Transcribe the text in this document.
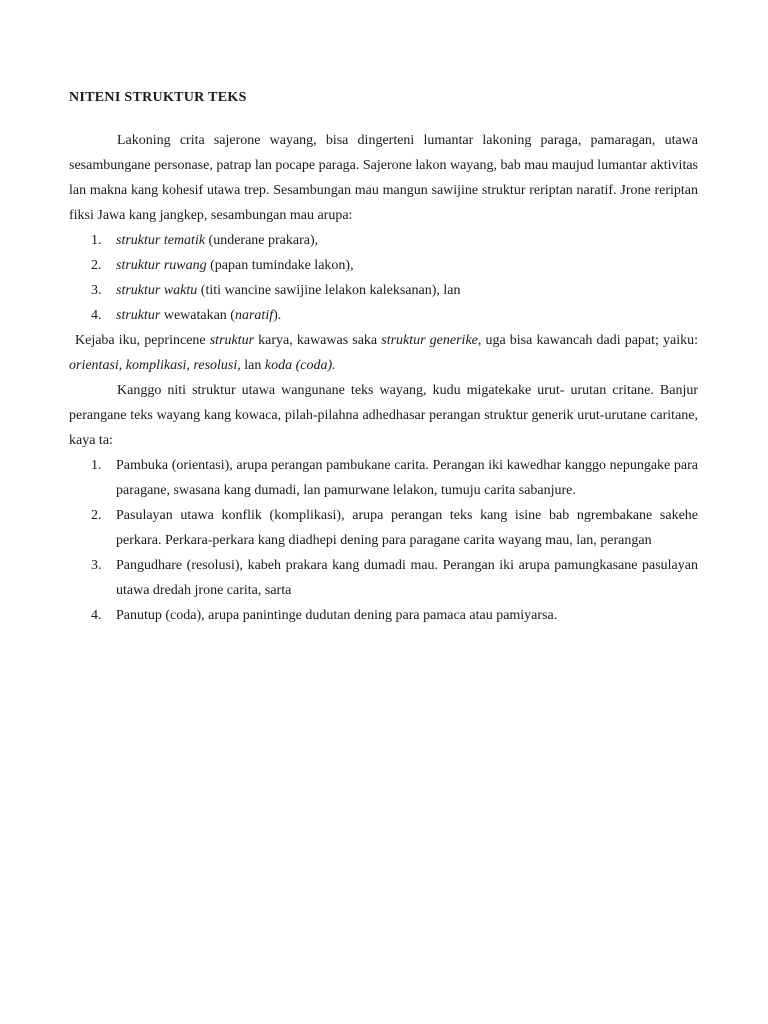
NITENI STRUKTUR TEKS

Lakoning crita sajerone wayang, bisa dingerteni lumantar lakoning paraga, pamaragan, utawa sesambungane personase, patrap lan pocape paraga. Sajerone lakon wayang, bab mau maujud lumantar aktivitas lan makna kang kohesif utawa trep. Sesambungan mau mangun sawijine struktur reriptan naratif. Jrone reriptan fiksi Jawa kang jangkep, sesambungan mau arupa:

1. struktur tematik (underane prakara),
2. struktur ruwang (papan tumindake lakon),
3. struktur waktu (titi wancine sawijine lelakon kaleksanan), lan
4. struktur wewatakan (naratif).

Kejaba iku, peprincene struktur karya, kawawas saka struktur generike, uga bisa kawancah dadi papat; yaiku: orientasi, komplikasi, resolusi, lan koda (coda).

Kanggo niti struktur utawa wangunane teks wayang, kudu migatekake urut- urutan critane. Banjur perangane teks wayang kang kowaca, pilah-pilahna adhedhasar perangan struktur generik urut-urutane caritane, kaya ta:

1. Pambuka (orientasi), arupa perangan pambukane carita. Perangan iki kawedhar kanggo nepungake para paragane, swasana kang dumadi, lan pamurwane lelakon, tumuju carita sabanjure.
2. Pasulayan utawa konflik (komplikasi), arupa perangan teks kang isine bab ngrembakane sakehe perkara. Perkara-perkara kang diadhepi dening para paragane carita wayang mau, lan, perangan
3. Pangudhare (resolusi), kabeh prakara kang dumadi mau. Perangan iki arupa pamungkasane pasulayan utawa dredah jrone carita, sarta
4. Panutup (coda), arupa panintinge dudutan dening para pamaca atau pamiyarsa.
